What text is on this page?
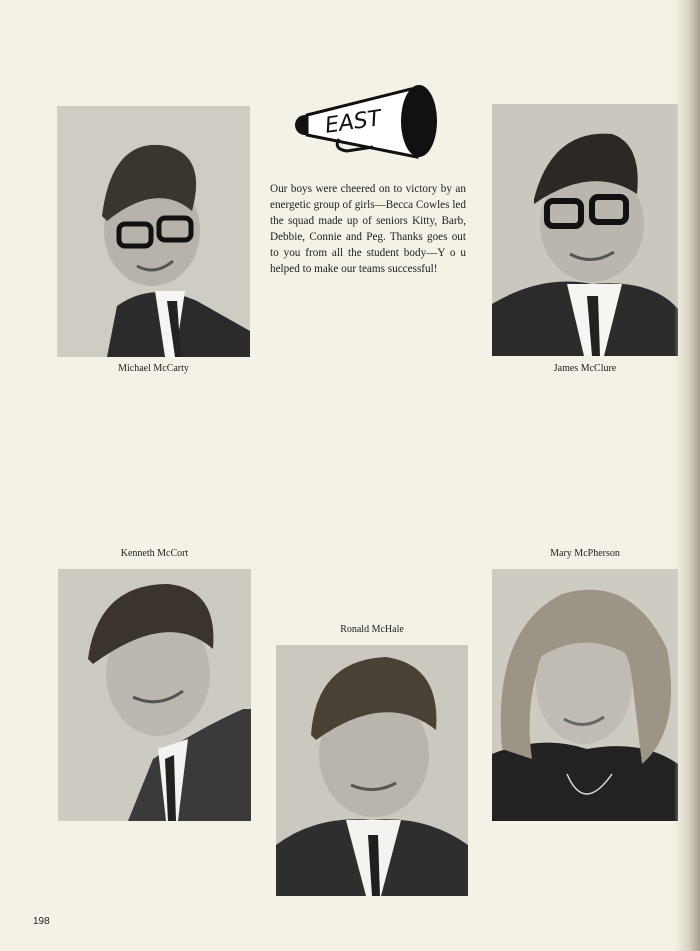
EAST
Our boys were cheered on to victory by an energetic group of girls—Becca Cowles led the squad made up of seniors Kitty, Barb, Debbie, Connie and Peg. Thanks goes out to you from all the student body—Y o u helped to make our teams successful!
Michael McCarty	James McClure
Kenneth McCort
Ronald McHale
Mary McPherson
198
